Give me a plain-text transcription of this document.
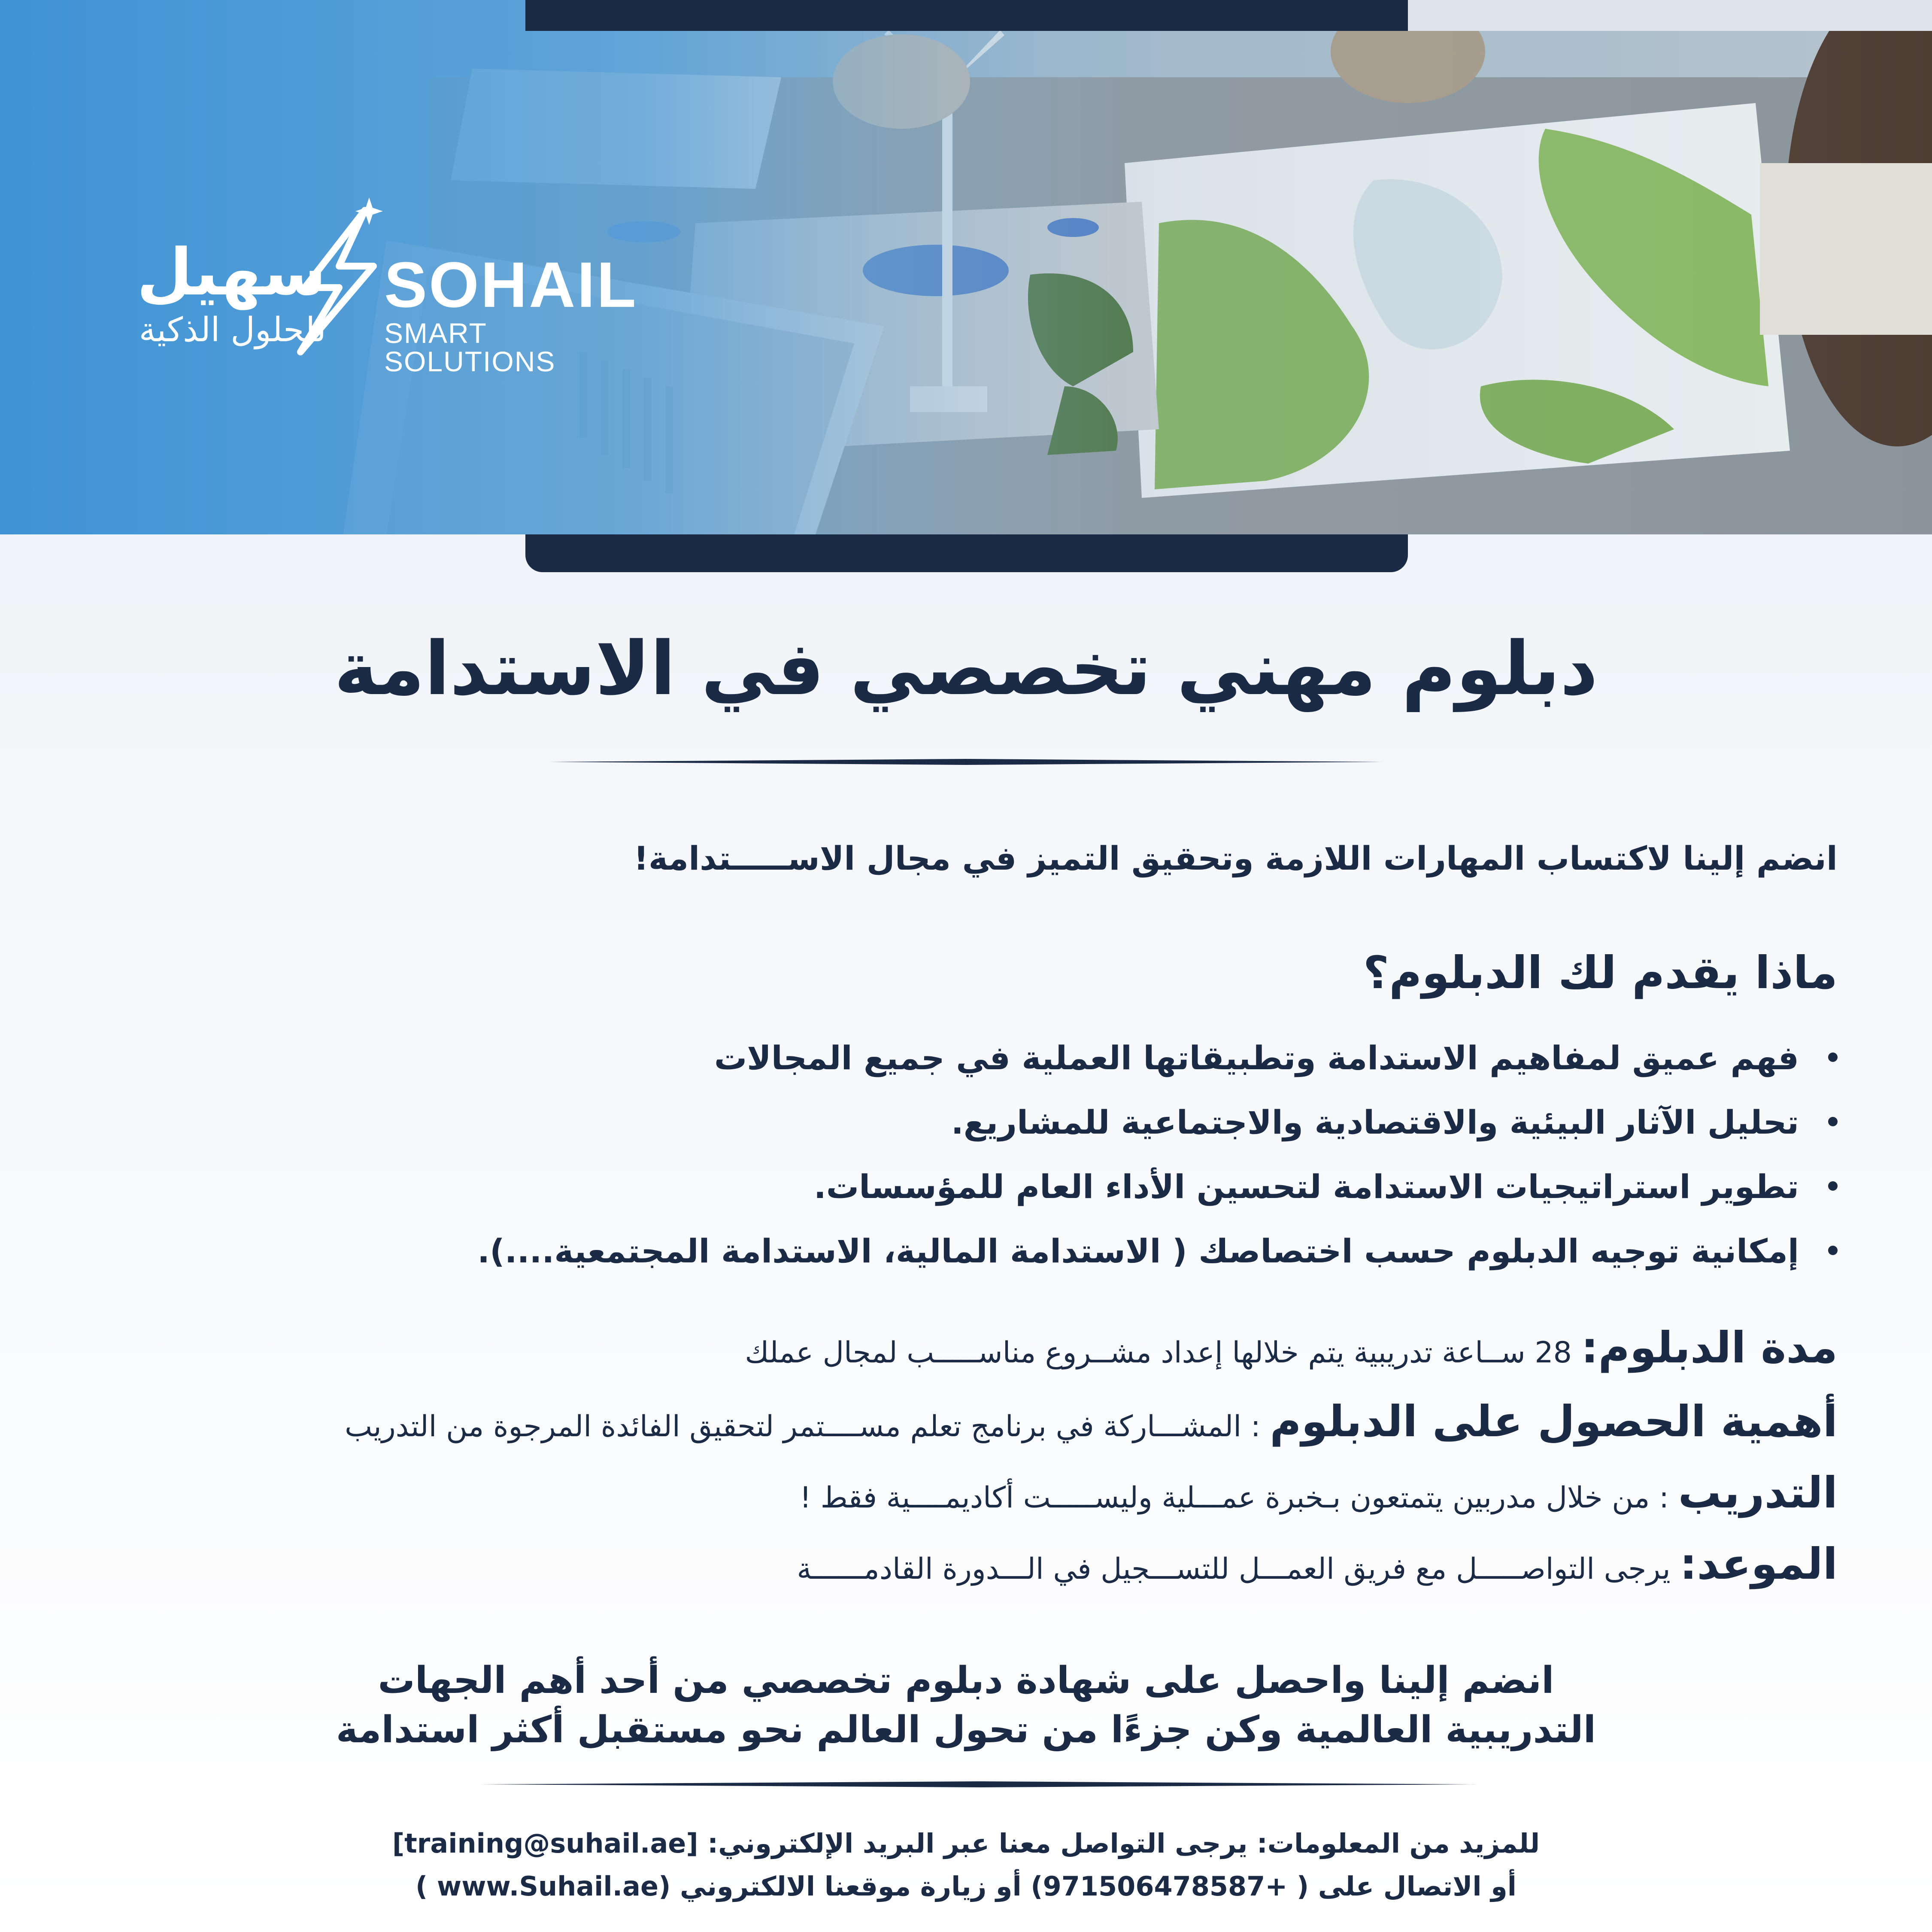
سهيل
للحلول الذكية
SOHAIL
SMART SOLUTIONS
دبلوم مهني تخصصي في الاستدامة
انضم إلينا لاكتساب المهارات اللازمة وتحقيق التميز في مجال الاســـــتدامة!
ماذا يقدم لك الدبلوم؟
فهم عميق لمفاهيم الاستدامة وتطبيقاتها العملية في جميع المجالات
تحليل الآثار البيئية والاقتصادية والاجتماعية للمشاريع.
تطوير استراتيجيات الاستدامة لتحسين الأداء العام للمؤسسات.
إمكانية توجيه الدبلوم حسب اختصاصك ( الاستدامة المالية، الاستدامة المجتمعية....).
مدة الدبلوم: 28 ســاعة تدريبية يتم خلالها إعداد مشــروع مناســـــب لمجال عملك
أهمية الحصول على الدبلوم : المشـــاركة في برنامج تعلم مســــتمر لتحقيق الفائدة المرجوة من التدريب
التدريب : من خلال مدربين يتمتعون بـخبرة عمـــلية وليســـــت أكاديمــــية فقط !
الموعد: يرجى التواصـــــل مع فريق العمـــل للتســـجيل في الـــدورة القادمــــــة
انضم إلينا واحصل على شهادة دبلوم تخصصي من أحد أهم الجهات
التدريبية العالمية وكن جزءًا من تحول العالم نحو مستقبل أكثر استدامة
للمزيد من المعلومات: يرجى التواصل معنا عبر البريد الإلكتروني: [training@suhail.ae]
أو الاتصال على ( +971506478587) أو زيارة موقعنا الالكتروني (www.Suhail.ae )
